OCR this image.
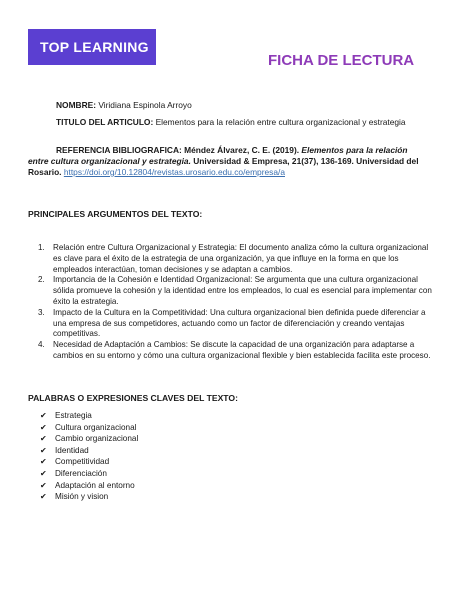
TOP LEARNING
FICHA DE LECTURA
NOMBRE: Viridiana Espinola Arroyo
TITULO DEL ARTICULO: Elementos para la relación entre cultura organizacional y estrategia
REFERENCIA BIBLIOGRAFICA: Méndez Álvarez, C. E. (2019). Elementos para la relación entre cultura organizacional y estrategia. Universidad & Empresa, 21(37), 136-169. Universidad del Rosario. https://doi.org/10.12804/revistas.urosario.edu.co/empresa/a
PRINCIPALES ARGUMENTOS DEL TEXTO:
1. Relación entre Cultura Organizacional y Estrategia: El documento analiza cómo la cultura organizacional es clave para el éxito de la estrategia de una organización, ya que influye en la forma en que los empleados interactúan, toman decisiones y se adaptan a cambios.
2. Importancia de la Cohesión e Identidad Organizacional: Se argumenta que una cultura organizacional sólida promueve la cohesión y la identidad entre los empleados, lo cual es esencial para implementar con éxito la estrategia.
3. Impacto de la Cultura en la Competitividad: Una cultura organizacional bien definida puede diferenciar a una empresa de sus competidores, actuando como un factor de diferenciación y creando ventajas competitivas.
4. Necesidad de Adaptación a Cambios: Se discute la capacidad de una organización para adaptarse a cambios en su entorno y cómo una cultura organizacional flexible y bien establecida facilita este proceso.
PALABRAS O EXPRESIONES CLAVES DEL TEXTO:
✔ Estrategia
✔ Cultura organizacional
✔ Cambio organizacional
✔ Identidad
✔ Competitividad
✔ Diferenciación
✔ Adaptación al entorno
✔ Misión y vision
